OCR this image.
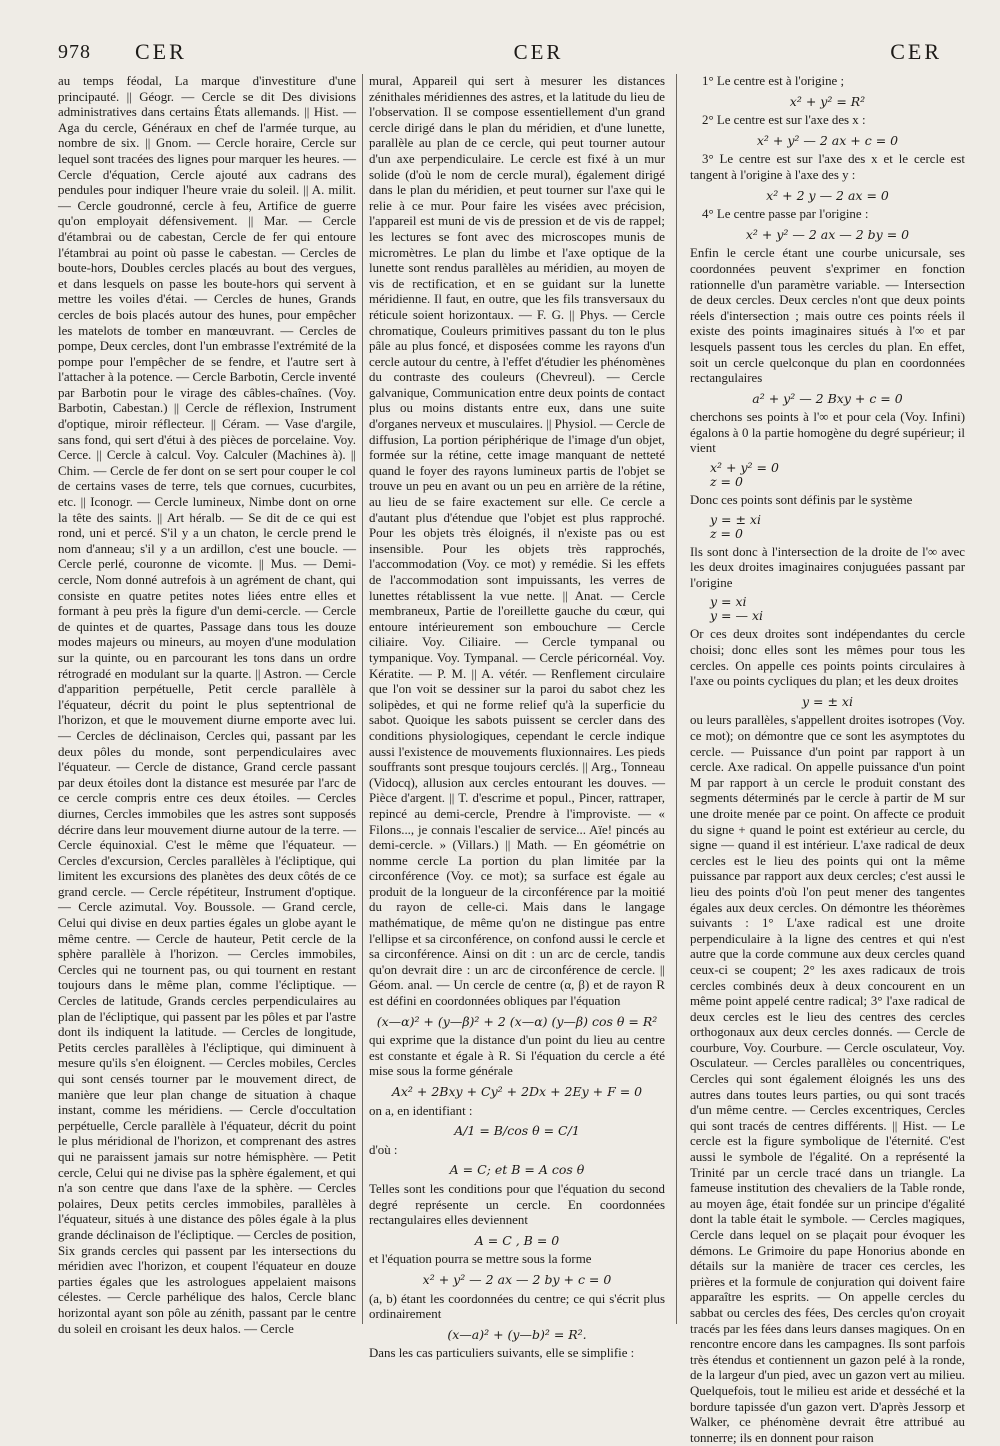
978 CER	CER	CER

au temps féodal, La marque d'investiture d'une principauté. || Géogr. — Cercle se dit Des divisions administratives dans certains États allemands. || Hist. — Aga du cercle, Généraux en chef de l'armée turque, au nombre de six. || Gnom. — Cercle horaire, Cercle sur lequel sont tracées des lignes pour marquer les heures. — Cercle d'équation, Cercle ajouté aux cadrans des pendules pour indiquer l'heure vraie du soleil. || A. milit. — Cercle goudronné, cercle à feu, Artifice de guerre qu'on employait défensivement. || Mar. — Cercle d'étambrai ou de cabestan, Cercle de fer qui entoure l'étambrai au point où passe le cabestan. — Cercles de boute-hors, Doubles cercles placés au bout des vergues, et dans lesquels on passe les boute-hors qui servent à mettre les voiles d'étai. — Cercles de hunes, Grands cercles de bois placés autour des hunes, pour empêcher les matelots de tomber en manœuvrant. — Cercles de pompe, Deux cercles, dont l'un embrasse l'extrémité de la pompe pour l'empêcher de se fendre, et l'autre sert à l'attacher à la potence. — Cercle Barbotin, Cercle inventé par Barbotin pour le virage des câbles-chaînes. (Voy. Barbotin, Cabestan.) || Cercle de réflexion, Instrument d'optique, miroir réflecteur. || Céram. — Vase d'argile, sans fond, qui sert d'étui à des pièces de porcelaine. Voy. Cerce. || Cercle à calcul. Voy. Calculer (Machines à). || Chim. — Cercle de fer dont on se sert pour couper le col de certains vases de terre, tels que cornues, cucurbites, etc. || Iconogr. — Cercle lumineux, Nimbe dont on orne la tête des saints. || Art héralb. — Se dit de ce qui est rond, uni et percé. S'il y a un chaton, le cercle prend le nom d'anneau; s'il y a un ardillon, c'est une boucle. — Cercle perlé, couronne de vicomte. || Mus. — Demi-cercle, Nom donné autrefois à un agrément de chant, qui consiste en quatre petites notes liées entre elles et formant à peu près la figure d'un demi-cercle. — Cercle de quintes et de quartes, Passage dans tous les douze modes majeurs ou mineurs, au moyen d'une modulation sur la quinte, ou en parcourant les tons dans un ordre rétrogradé en modulant sur la quarte. || Astron. — Cercle d'apparition perpétuelle, Petit cercle parallèle à l'équateur, décrit du point le plus septentrional de l'horizon, et que le mouvement diurne emporte avec lui. — Cercles de déclinaison, Cercles qui, passant par les deux pôles du monde, sont perpendiculaires avec l'équateur. — Cercle de distance, Grand cercle passant par deux étoiles dont la distance est mesurée par l'arc de ce cercle compris entre ces deux étoiles. — Cercles diurnes, Cercles immobiles que les astres sont supposés décrire dans leur mouvement diurne autour de la terre. — Cercle équinoxial. C'est le même que l'équateur. — Cercles d'excursion, Cercles parallèles à l'écliptique, qui limitent les excursions des planètes des deux côtés de ce grand cercle. — Cercle répétiteur, Instrument d'optique. — Cercle azimutal. Voy. Boussole. — Grand cercle, Celui qui divise en deux parties égales un globe ayant le même centre. — Cercle de hauteur, Petit cercle de la sphère parallèle à l'horizon. — Cercles immobiles, Cercles qui ne tournent pas, ou qui tournent en restant toujours dans le même plan, comme l'écliptique. — Cercles de latitude, Grands cercles perpendiculaires au plan de l'écliptique, qui passent par les pôles et par l'astre dont ils indiquent la latitude. — Cercles de longitude, Petits cercles parallèles à l'écliptique, qui diminuent à mesure qu'ils s'en éloignent. — Cercles mobiles, Cercles qui sont censés tourner par le mouvement direct, de manière que leur plan change de situation à chaque instant, comme les méridiens. — Cercle d'occultation perpétuelle, Cercle parallèle à l'équateur, décrit du point le plus méridional de l'horizon, et comprenant des astres qui ne paraissent jamais sur notre hémisphère. — Petit cercle, Celui qui ne divise pas la sphère également, et qui n'a son centre que dans l'axe de la sphère. — Cercles polaires, Deux petits cercles immobiles, parallèles à l'équateur, situés à une distance des pôles égale à la plus grande déclinaison de l'écliptique. — Cercles de position, Six grands cercles qui passent par les intersections du méridien avec l'horizon, et coupent l'équateur en douze parties égales que les astrologues appelaient maisons célestes. — Cercle parhélique des halos, Cercle blanc horizontal ayant son pôle au zénith, passant par le centre du soleil en croisant les deux halos. — Cercle

mural, Appareil qui sert à mesurer les distances zénithales méridiennes des astres, et la latitude du lieu de l'observation. Il se compose essentiellement d'un grand cercle dirigé dans le plan du méridien, et d'une lunette, parallèle au plan de ce cercle, qui peut tourner autour d'un axe perpendiculaire. Le cercle est fixé à un mur solide (d'où le nom de cercle mural), également dirigé dans le plan du méridien, et peut tourner sur l'axe qui le relie à ce mur. Pour faire les visées avec précision, l'appareil est muni de vis de pression et de vis de rappel; les lectures se font avec des microscopes munis de micromètres. Le plan du limbe et l'axe optique de la lunette sont rendus parallèles au méridien, au moyen de vis de rectification, et en se guidant sur la lunette méridienne. Il faut, en outre, que les fils transversaux du réticule soient horizontaux. — F. G. || Phys. — Cercle chromatique, Couleurs primitives passant du ton le plus pâle au plus foncé, et disposées comme les rayons d'un cercle autour du centre, à l'effet d'étudier les phénomènes du contraste des couleurs (Chevreul). — Cercle galvanique, Communication entre deux points de contact plus ou moins distants entre eux, dans une suite d'organes nerveux et musculaires. || Physiol. — Cercle de diffusion, La portion périphérique de l'image d'un objet, formée sur la rétine, cette image manquant de netteté quand le foyer des rayons lumineux partis de l'objet se trouve un peu en avant ou un peu en arrière de la rétine, au lieu de se faire exactement sur elle. Ce cercle a d'autant plus d'étendue que l'objet est plus rapproché. Pour les objets très éloignés, il n'existe pas ou est insensible. Pour les objets très rapprochés, l'accommodation (Voy. ce mot) y remédie. Si les effets de l'accommodation sont impuissants, les verres de lunettes rétablissent la vue nette. || Anat. — Cercle membraneux, Partie de l'oreillette gauche du cœur, qui entoure intérieurement son embouchure — Cercle ciliaire. Voy. Ciliaire. — Cercle tympanal ou tympanique. Voy. Tympanal. — Cercle péricornéal. Voy. Kératite. — P. M. || A. vétér. — Renflement circulaire que l'on voit se dessiner sur la paroi du sabot chez les solipèdes, et qui ne forme relief qu'à la superficie du sabot. Quoique les sabots puissent se cercler dans des conditions physiologiques, cependant le cercle indique aussi l'existence de mouvements fluxionnaires. Les pieds souffrants sont presque toujours cerclés. || Arg., Tonneau (Vidocq), allusion aux cercles entourant les douves. — Pièce d'argent. || T. d'escrime et popul., Pincer, rattraper, repincé au demi-cercle, Prendre à l'improviste. — « Filons..., je connais l'escalier de service... Aïe! pincés au demi-cercle. » (Villars.) || Math. — En géométrie on nomme cercle La portion du plan limitée par la circonférence (Voy. ce mot); sa surface est égale au produit de la longueur de la circonférence par la moitié du rayon de celle-ci. Mais dans le langage mathématique, de même qu'on ne distingue pas entre l'ellipse et sa circonférence, on confond aussi le cercle et sa circonférence. Ainsi on dit : un arc de cercle, tandis qu'on devrait dire : un arc de circonférence de cercle. || Géom. anal. — Un cercle de centre (α, β) et de rayon R est défini en coordonnées obliques par l'équation

(x—α)² + (y—β)² + 2 (x—α) (y—β) cos θ = R²

qui exprime que la distance d'un point du lieu au centre est constante et égale à R. Si l'équation du cercle a été mise sous la forme générale

Ax² + 2Bxy + Cy² + 2Dx + 2Ey + F = 0

on a, en identifiant :

A/1 = B/cos θ = C/1

d'où :

A = C; et B = A cos θ

Telles sont les conditions pour que l'équation du second degré représente un cercle. En coordonnées rectangulaires elles deviennent

A = C , B = 0

et l'équation pourra se mettre sous la forme

x² + y² — 2 ax — 2 by + c = 0

(a, b) étant les coordonnées du centre; ce qui s'écrit plus ordinairement

(x—a)² + (y—b)² = R².

Dans les cas particuliers suivants, elle se simplifie :

1° Le centre est à l'origine ;

x² + y² = R²

2° Le centre est sur l'axe des x :

x² + y² — 2 ax + c = 0

3° Le centre est sur l'axe des x et le cercle est tangent à l'origine à l'axe des y :

x² + 2 y — 2 ax = 0

4° Le centre passe par l'origine :

x² + y² — 2 ax — 2 by = 0

Enfin le cercle étant une courbe unicursale, ses coordonnées peuvent s'exprimer en fonction rationnelle d'un paramètre variable. — Intersection de deux cercles. Deux cercles n'ont que deux points réels d'intersection ; mais outre ces points réels il existe des points imaginaires situés à l'∞ et par lesquels passent tous les cercles du plan. En effet, soit un cercle quelconque du plan en coordonnées rectangulaires

a² + y² — 2 Bxy + c = 0

cherchons ses points à l'∞ et pour cela (Voy. Infini) égalons à 0 la partie homogène du degré supérieur; il vient

x² + y² = 0
z = 0

Donc ces points sont définis par le système

y = ± xi
z = 0

Ils sont donc à l'intersection de la droite de l'∞ avec les deux droites imaginaires conjuguées passant par l'origine

y = xi
y = — xi

Or ces deux droites sont indépendantes du cercle choisi; donc elles sont les mêmes pour tous les cercles. On appelle ces points points circulaires à l'axe ou points cycliques du plan; et les deux droites

y = ± xi

ou leurs parallèles, s'appellent droites isotropes (Voy. ce mot); on démontre que ce sont les asymptotes du cercle. — Puissance d'un point par rapport à un cercle. Axe radical. On appelle puissance d'un point M par rapport à un cercle le produit constant des segments déterminés par le cercle à partir de M sur une droite menée par ce point. On affecte ce produit du signe + quand le point est extérieur au cercle, du signe — quand il est intérieur. L'axe radical de deux cercles est le lieu des points qui ont la même puissance par rapport aux deux cercles; c'est aussi le lieu des points d'où l'on peut mener des tangentes égales aux deux cercles. On démontre les théorèmes suivants : 1° L'axe radical est une droite perpendiculaire à la ligne des centres et qui n'est autre que la corde commune aux deux cercles quand ceux-ci se coupent; 2° les axes radicaux de trois cercles combinés deux à deux concourent en un même point appelé centre radical; 3° l'axe radical de deux cercles est le lieu des centres des cercles orthogonaux aux deux cercles donnés. — Cercle de courbure, Voy. Courbure. — Cercle osculateur, Voy. Osculateur. — Cercles parallèles ou concentriques, Cercles qui sont également éloignés les uns des autres dans toutes leurs parties, ou qui sont tracés d'un même centre. — Cercles excentriques, Cercles qui sont tracés de centres différents. || Hist. — Le cercle est la figure symbolique de l'éternité. C'est aussi le symbole de l'égalité. On a représenté la Trinité par un cercle tracé dans un triangle. La fameuse institution des chevaliers de la Table ronde, au moyen âge, était fondée sur un principe d'égalité dont la table était le symbole. — Cercles magiques, Cercle dans lequel on se plaçait pour évoquer les démons. Le Grimoire du pape Honorius abonde en détails sur la manière de tracer ces cercles, les prières et la formule de conjuration qui doivent faire apparaître les esprits. — On appelle cercles du sabbat ou cercles des fées, Des cercles qu'on croyait tracés par les fées dans leurs danses magiques. On en rencontre encore dans les campagnes. Ils sont parfois très étendus et contiennent un gazon pelé à la ronde, de la largeur d'un pied, avec un gazon vert au milieu. Quelquefois, tout le milieu est aride et desséché et la bordure tapissée d'un gazon vert. D'après Jessorp et Walker, ce phénomène devrait être attribué au tonnerre; ils en donnent pour raison
